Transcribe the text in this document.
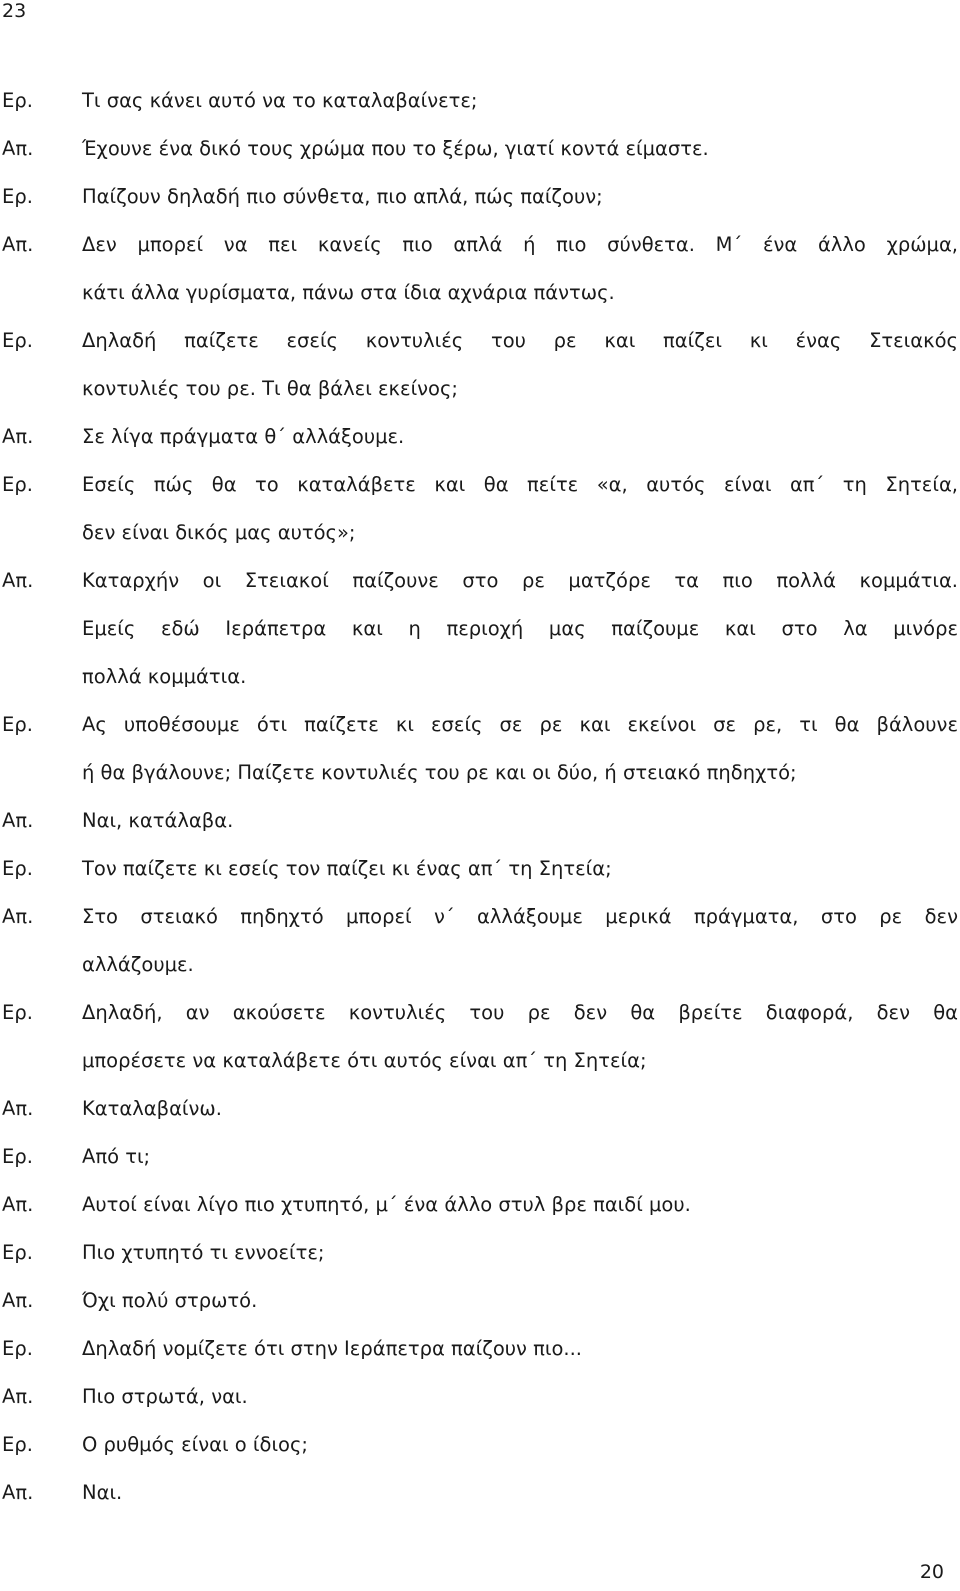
23
Ερ.	Τι σας κάνει αυτό να το καταλαβαίνετε;
Απ. Έχουνε ένα δικό τους χρώμα που το ξέρω, γιατί κοντά είμαστε.
Ερ.	Παίζουν δηλαδή πιο σύνθετα, πιο απλά, πώς παίζουν;
Απ. Δεν μπορεί να πει κανείς πιο απλά ή πιο σύνθετα. Μ΄ ένα άλλο χρώμα,
κάτι άλλα γυρίσματα, πάνω στα ίδια αχνάρια πάντως.
Ερ.	Δηλαδή παίζετε εσείς κοντυλιές του ρε και παίζει κι ένας Στειακός
κοντυλιές του ρε. Τι θα βάλει εκείνος;
Απ. Σε λίγα πράγματα θ΄ αλλάξουμε.
Ερ.	Εσείς πώς θα το καταλάβετε και θα πείτε «α, αυτός είναι απ΄ τη Σητεία,
δεν είναι δικός μας αυτός»;
Απ. Καταρχήν οι Στειακοί παίζουνε στο ρε ματζόρε τα πιο πολλά κομμάτια.
Εμείς εδώ Ιεράπετρα και η περιοχή μας παίζουμε και στο λα μινόρε
πολλά κομμάτια.
Ερ.	Ας υποθέσουμε ότι παίζετε κι εσείς σε ρε και εκείνοι σε ρε, τι θα βάλουνε
ή θα βγάλουνε; Παίζετε κοντυλιές του ρε και οι δύο, ή στειακό πηδηχτό;
Απ. Ναι, κατάλαβα.
Ερ.	Τον παίζετε κι εσείς τον παίζει κι ένας απ΄ τη Σητεία;
Απ. Στο στειακό πηδηχτό μπορεί ν΄ αλλάξουμε μερικά πράγματα, στο ρε δεν
αλλάζουμε.
Ερ.	Δηλαδή, αν ακούσετε κοντυλιές του ρε δεν θα βρείτε διαφορά, δεν θα
μπορέσετε να καταλάβετε ότι αυτός είναι απ΄ τη Σητεία;
Απ. Καταλαβαίνω.
Ερ.	Από τι;
Απ. Αυτοί είναι λίγο πιο χτυπητό, μ΄ ένα άλλο στυλ βρε παιδί μου.
Ερ.	Πιο χτυπητό τι εννοείτε;
Απ. Όχι πολύ στρωτό.
Ερ.	Δηλαδή νομίζετε ότι στην Ιεράπετρα παίζουν πιο...
Απ. Πιο στρωτά, ναι.
Ερ.	Ο ρυθμός είναι ο ίδιος;
Απ. Ναι.
20
